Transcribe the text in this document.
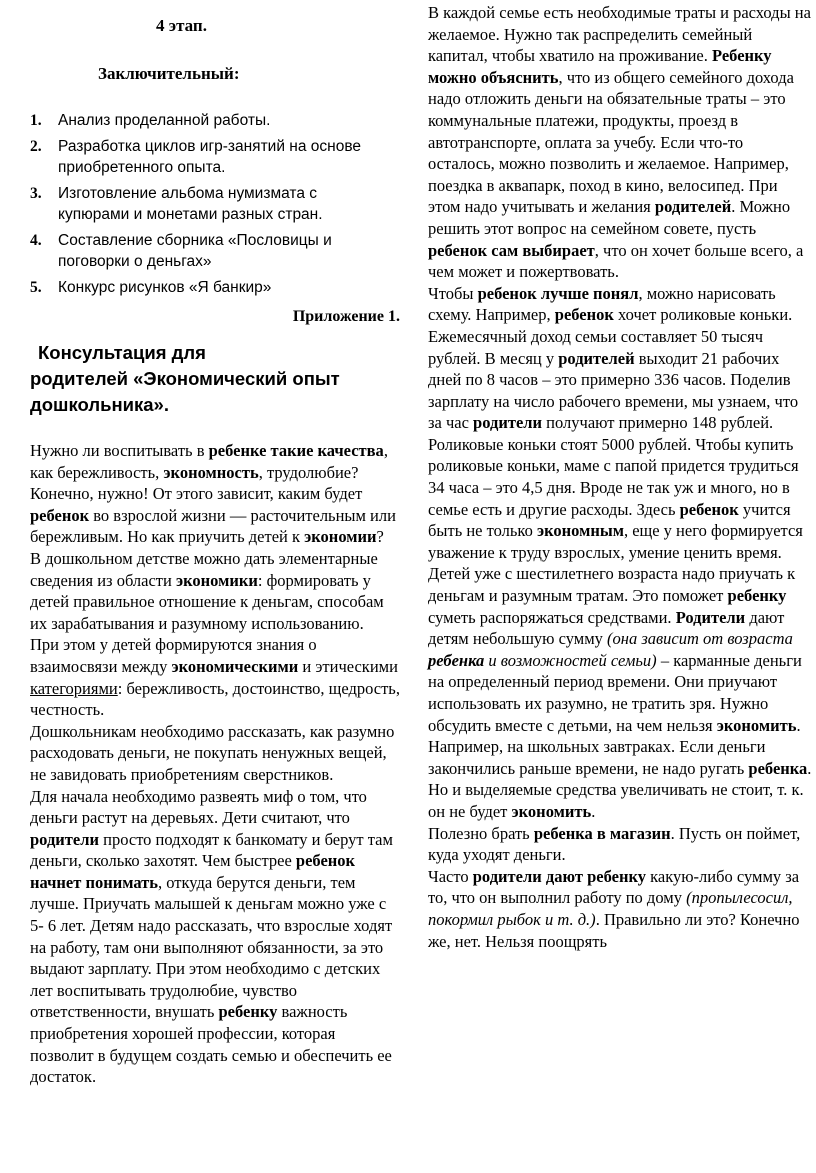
4 этап.
Заключительный:
1.	Анализ проделанной работы.
2.	Разработка циклов игр-занятий на основе приобретенного опыта.
3.	Изготовление альбома нумизмата с купюрами и монетами разных стран.
4.	Составление сборника «Пословицы и поговорки о деньгах»
5.	Конкурс рисунков «Я банкир»
Приложение 1.
Консультация для
родителей «Экономический опыт дошкольника».

Нужно ли воспитывать в ребенке такие качества, как бережливость, экономность, трудолюбие? Конечно, нужно! От этого зависит, каким будет ребенок во взрослой жизни — расточительным или бережливым. Но как приучить детей к экономии?

В дошкольном детстве можно дать элементарные сведения из области экономики: формировать у детей правильное отношение к деньгам, способам их зарабатывания и разумному использованию.

При этом у детей формируются знания о взаимосвязи между экономическими и этическими категориями: бережливость, достоинство, щедрость, честность.

Дошкольникам необходимо рассказать, как разумно расходовать деньги, не покупать ненужных вещей, не завидовать приобретениям сверстников.

Для начала необходимо развеять миф о том, что деньги растут на деревьях. Дети считают, что родители просто подходят к банкомату и берут там деньги, сколько захотят. Чем быстрее ребенок начнет понимать, откуда берутся деньги, тем лучше. Приучать малышей к деньгам можно уже с 5- 6 лет. Детям надо рассказать, что взрослые ходят на работу, там они выполняют обязанности, за это выдают зарплату. При этом необходимо с детских лет воспитывать трудолюбие, чувство ответственности, внушать ребенку важность приобретения хорошей профессии, которая позволит в будущем создать семью и обеспечить ее достаток.

В каждой семье есть необходимые траты и расходы на желаемое. Нужно так распределить семейный капитал, чтобы хватило на проживание. Ребенку можно объяснить, что из общего семейного дохода надо отложить деньги на обязательные траты – это коммунальные платежи, продукты, проезд в автотранспорте, оплата за учебу. Если что-то осталось, можно позволить и желаемое. Например, поездка в аквапарк, поход в кино, велосипед. При этом надо учитывать и желания родителей. Можно решить этот вопрос на семейном совете, пусть ребенок сам выбирает, что он хочет больше всего, а чем может и пожертвовать.

Чтобы ребенок лучше понял, можно нарисовать схему. Например, ребенок хочет роликовые коньки. Ежемесячный доход семьи составляет 50 тысяч рублей. В месяц у родителей выходит 21 рабочих дней по 8 часов – это примерно 336 часов. Поделив зарплату на число рабочего времени, мы узнаем, что за час родители получают примерно 148 рублей. Роликовые коньки стоят 5000 рублей. Чтобы купить роликовые коньки, маме с папой придется трудиться 34 часа – это 4,5 дня. Вроде не так уж и много, но в семье есть и другие расходы. Здесь ребенок учится быть не только экономным, еще у него формируется уважение к труду взрослых, умение ценить время.

Детей уже с шестилетнего возраста надо приучать к деньгам и разумным тратам. Это поможет ребенку суметь распоряжаться средствами. Родители дают детям небольшую сумму (она зависит от возраста ребенка и возможностей семьи) – карманные деньги на определенный период времени. Они приучают использовать их разумно, не тратить зря. Нужно обсудить вместе с детьми, на чем нельзя экономить. Например, на школьных завтраках. Если деньги закончились раньше времени, не надо ругать ребенка. Но и выделяемые средства увеличивать не стоит, т. к. он не будет экономить.

Полезно брать ребенка в магазин. Пусть он поймет, куда уходят деньги.

Часто родители дают ребенку какую-либо сумму за то, что он выполнил работу по дому (пропылесосил, покормил рыбок и т. д.). Правильно ли это? Конечно же, нет. Нельзя поощрять
